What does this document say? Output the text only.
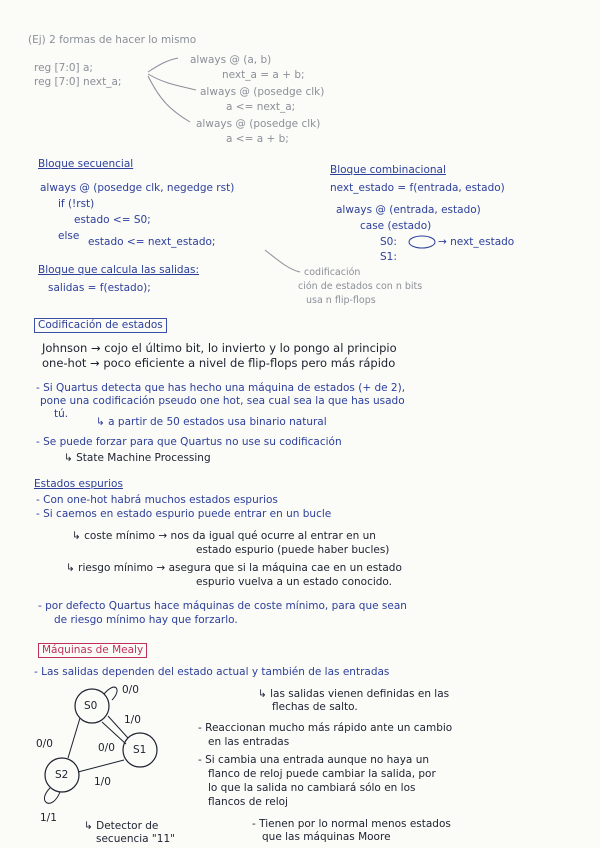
(Ej) 2 formas de hacer lo mismo
reg [7:0] a;
reg [7:0] next_a;
always @ (a, b)
next_a = a + b;
always @ (posedge clk)
a <= next_a;
always @ (posedge clk)
a <= a + b;
Bloque secuencial
always @ (posedge clk, negedge rst)
if (!rst)
estado <= S0;
else estado <= next_estado;
Bloque combinacional
next_estado = f(entrada, estado)
always @ (entrada, estado)
case (estado)
S0:	→ next_estado
S1:
Bloque que calcula las salidas:
salidas = f(estado);
codificación
ción de estados con n bits
usa n flip-flops
Codificación de estados
Johnson → cojo el último bit, lo invierto y lo pongo al principio
one-hot → poco eficiente a nivel de flip-flops pero más rápido
- Si Quartus detecta que has hecho una máquina de estados (+ de 2),
pone una codificación pseudo one hot, sea cual sea la que has usado
tú.
↳ a partir de 50 estados usa binario natural
- Se puede forzar para que Quartus no use su codificación
↳ State Machine Processing
Estados espurios
- Con one-hot habrá muchos estados espurios
- Si caemos en estado espurio puede entrar en un bucle
↳ coste mínimo → nos da igual qué ocurre al entrar en un
estado espurio (puede haber bucles)
↳ riesgo mínimo → asegura que si la máquina cae en un estado
espurio vuelva a un estado conocido.
- por defecto Quartus hace máquinas de coste mínimo, para que sean
de riesgo mínimo hay que forzarlo.
Máquinas de Mealy
- Las salidas dependen del estado actual y también de las entradas
↳ las salidas vienen definidas en las
flechas de salto.
- Reaccionan mucho más rápido ante un cambio
en las entradas
- Si cambia una entrada aunque no haya un
flanco de reloj puede cambiar la salida, por
lo que la salida no cambiará sólo en los
flancos de reloj
- Tienen por lo normal menos estados
que las máquinas Moore
S0
S1
S2
0/0
1/0
0/0
0/0
1/0
1/1
↳ Detector de
secuencia "11"
